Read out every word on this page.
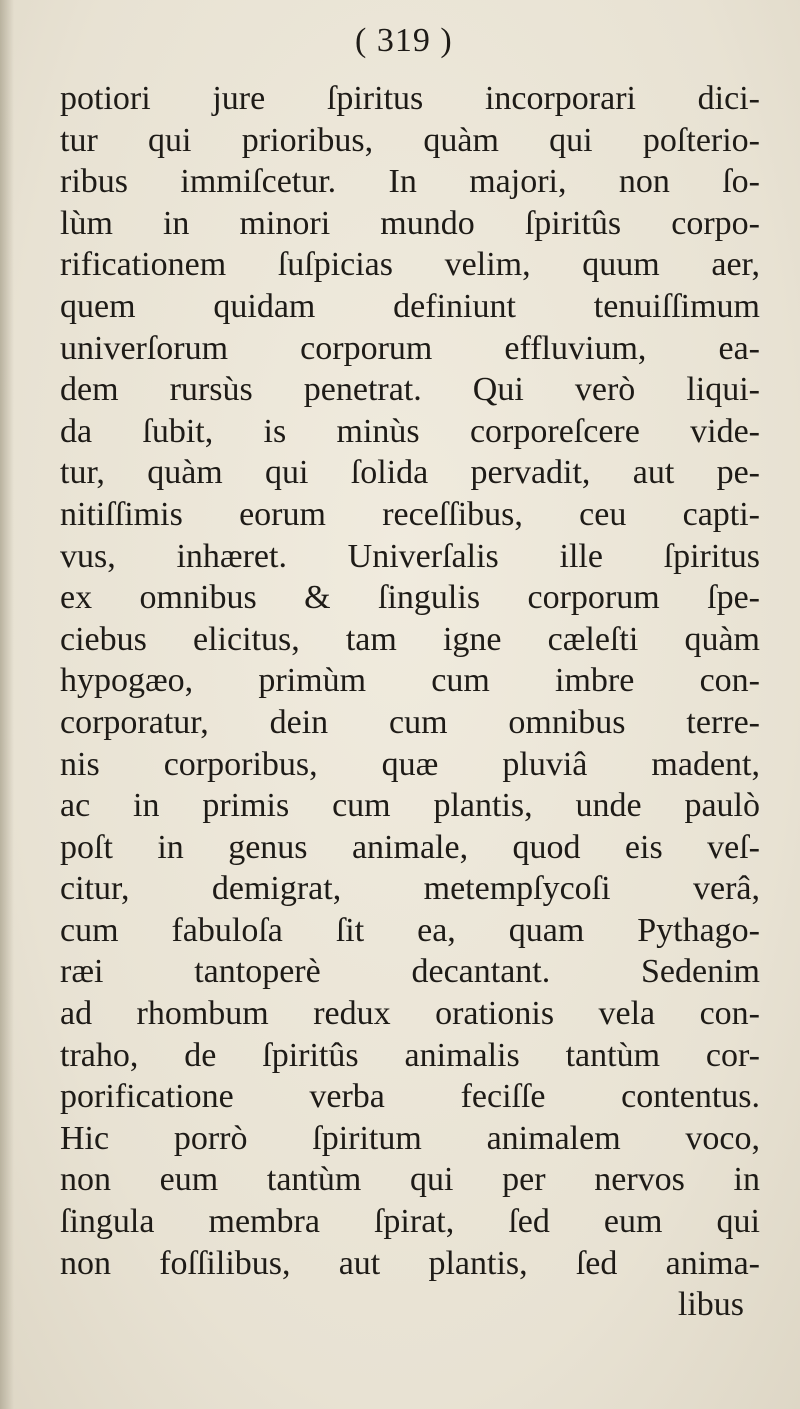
( 319 )
potiori jure ſpiritus incorporari dici-
tur qui prioribus, quàm qui poſterio-
ribus immiſcetur. In majori, non ſo-
lùm in minori mundo ſpiritûs corpo-
rificationem ſuſpicias velim, quum aer,
quem quidam definiunt tenuiſſimum
univerſorum corporum effluvium, ea-
dem rursùs penetrat. Qui verò liqui-
da ſubit, is minùs corporeſcere vide-
tur, quàm qui ſolida pervadit, aut pe-
nitiſſimis eorum receſſibus, ceu capti-
vus, inhæret. Univerſalis ille ſpiritus
ex omnibus & ſingulis corporum ſpe-
ciebus elicitus, tam igne cæleſti quàm
hypogæo, primùm cum imbre con-
corporatur, dein cum omnibus terre-
nis corporibus, quæ pluviâ madent,
ac in primis cum plantis, unde paulò
poſt in genus animale, quod eis veſ-
citur, demigrat, metempſycoſi verâ,
cum fabuloſa ſit ea, quam Pythago-
ræi tantoperè decantant. Sedenim
ad rhombum redux orationis vela con-
traho, de ſpiritûs animalis tantùm cor-
porificatione verba feciſſe contentus.
Hic porrò ſpiritum animalem voco,
non eum tantùm qui per nervos in
ſingula membra ſpirat, ſed eum qui
non foſſilibus, aut plantis, ſed anima-
libus
